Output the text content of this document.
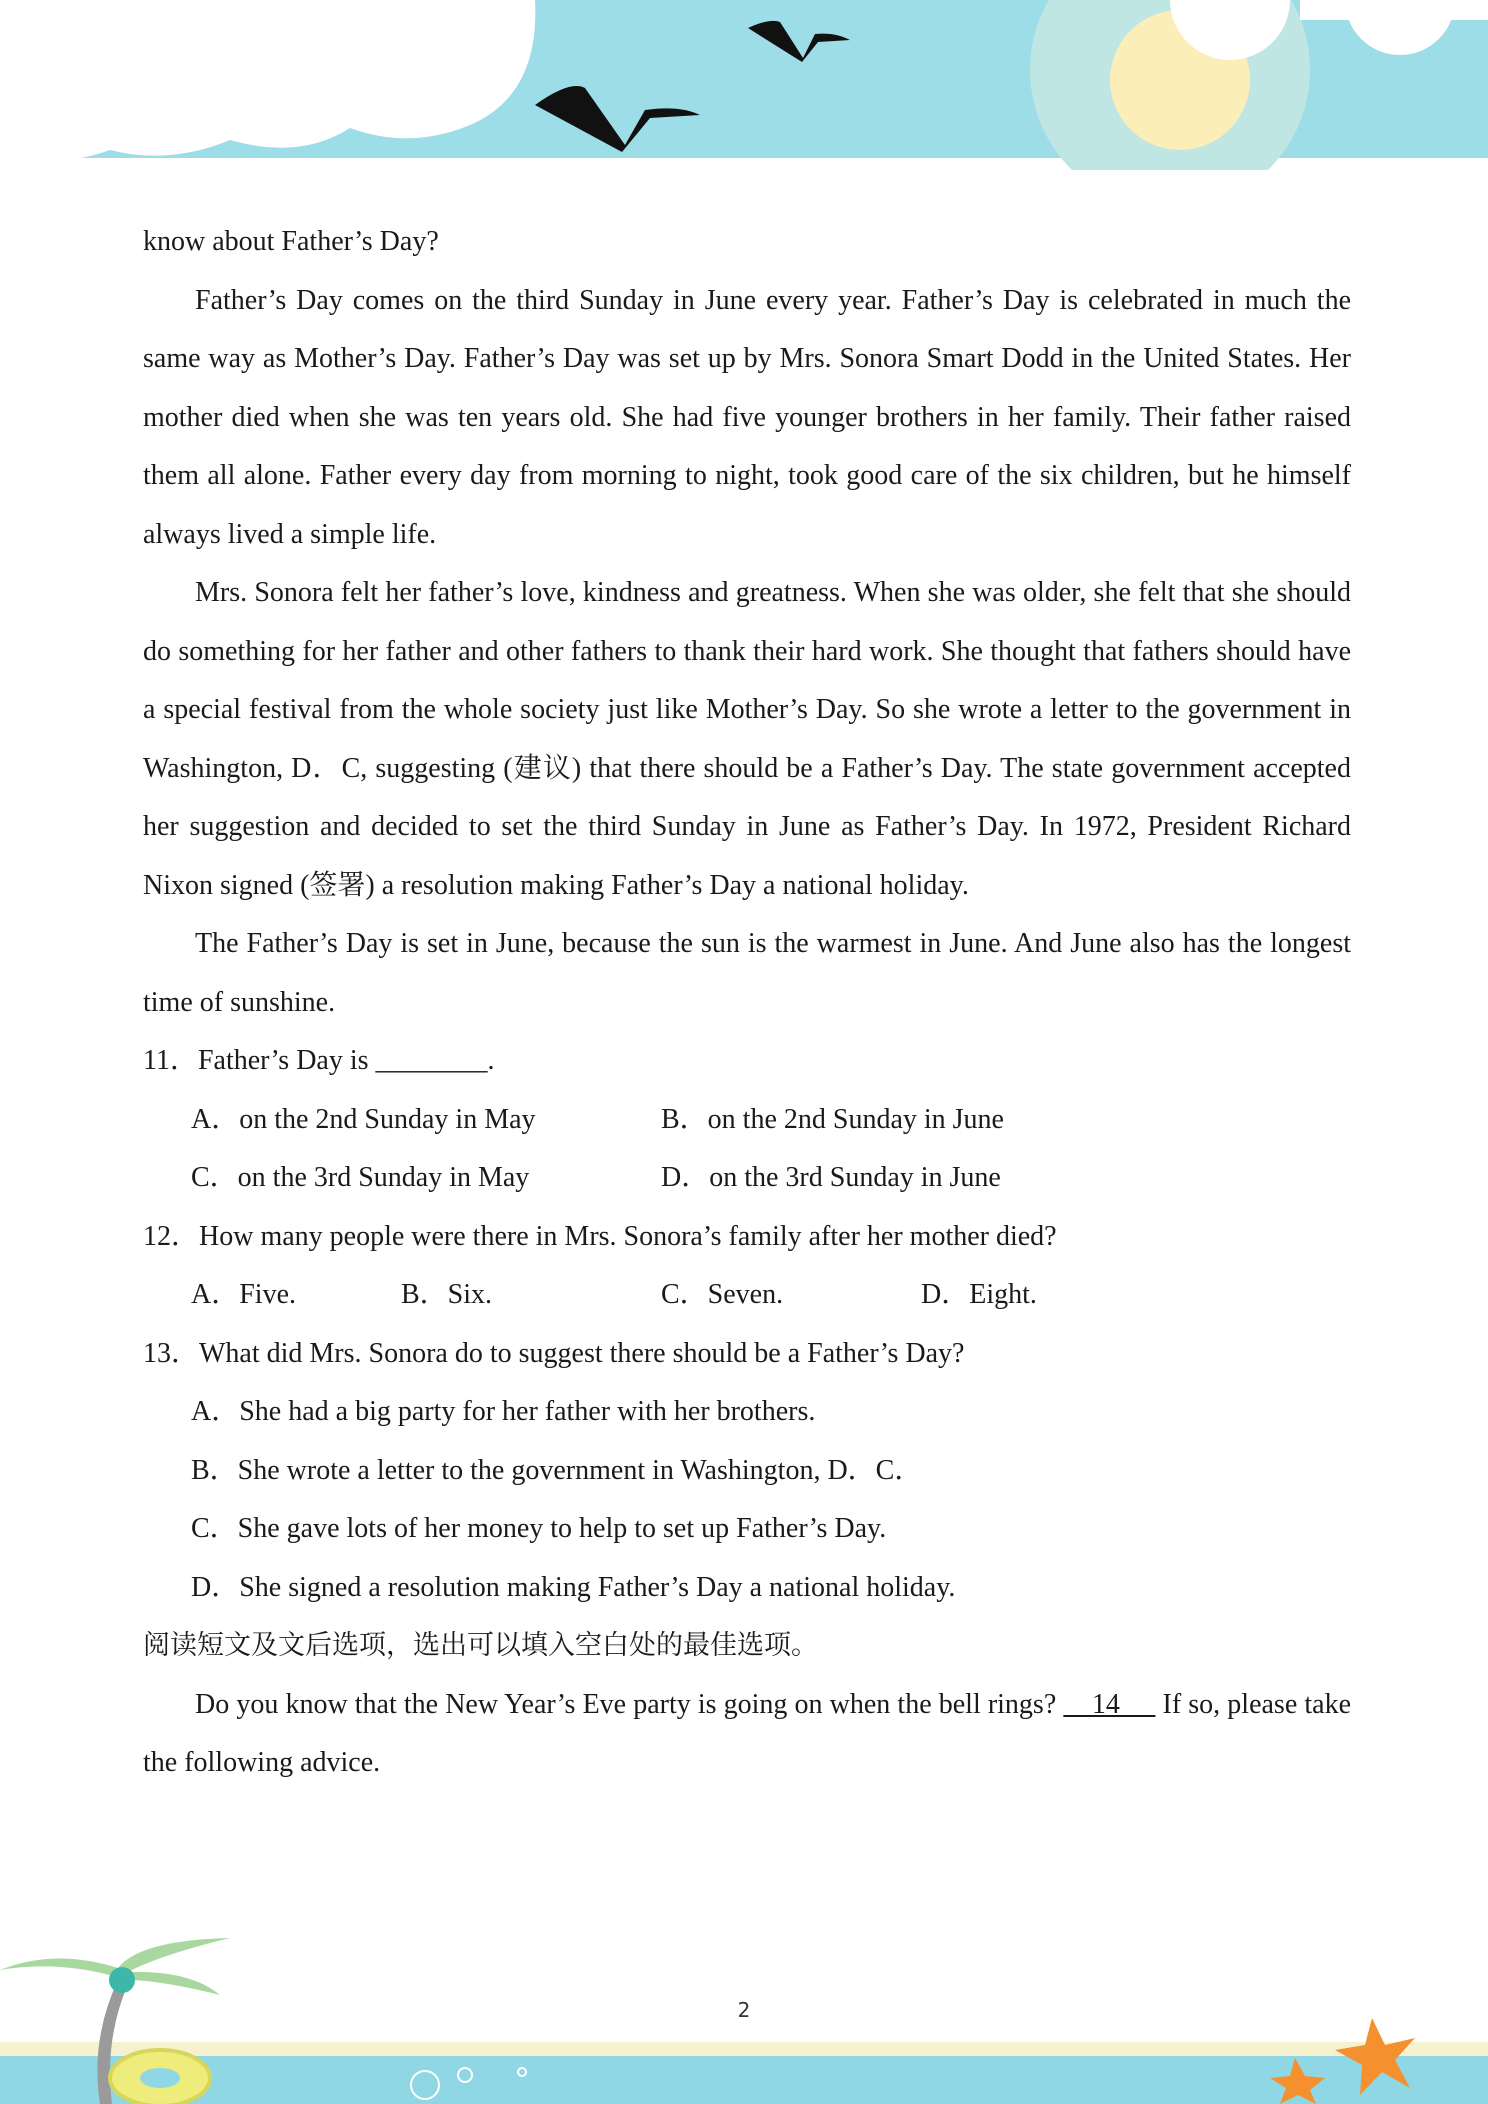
know about Father’s Day?

Father’s Day comes on the third Sunday in June every year. Father’s Day is celebrated in much the same way as Mother’s Day. Father’s Day was set up by Mrs. Sonora Smart Dodd in the United States. Her mother died when she was ten years old. She had five younger brothers in her family. Their father raised them all alone. Father every day from morning to night, took good care of the six children, but he himself always lived a simple life.

Mrs. Sonora felt her father’s love, kindness and greatness. When she was older, she felt that she should do something for her father and other fathers to thank their hard work. She thought that fathers should have a special festival from the whole society just like Mother’s Day. So she wrote a letter to the government in Washington, D．C, suggesting (建议) that there should be a Father’s Day. The state government accepted her suggestion and decided to set the third Sunday in June as Father’s Day. In 1972, President Richard Nixon signed (签署) a resolution making Father’s Day a national holiday.

The Father’s Day is set in June, because the sun is the warmest in June. And June also has the longest time of sunshine.

11．Father’s Day is ________.

A．on the 2nd Sunday in May	B．on the 2nd Sunday in June
C．on the 3rd Sunday in May	D．on the 3rd Sunday in June

12．How many people were there in Mrs. Sonora’s family after her mother died?

A．Five.	B．Six.	C．Seven.	D．Eight.

13．What did Mrs. Sonora do to suggest there should be a Father’s Day?

A．She had a big party for her father with her brothers.

B．She wrote a letter to the government in Washington, D．C．

C．She gave lots of her money to help to set up Father’s Day.

D．She signed a resolution making Father’s Day a national holiday.

阅读短文及文后选项，选出可以填入空白处的最佳选项。

Do you know that the New Year’s Eve party is going on when the bell rings?     14      If so, please take the following advice.

2
